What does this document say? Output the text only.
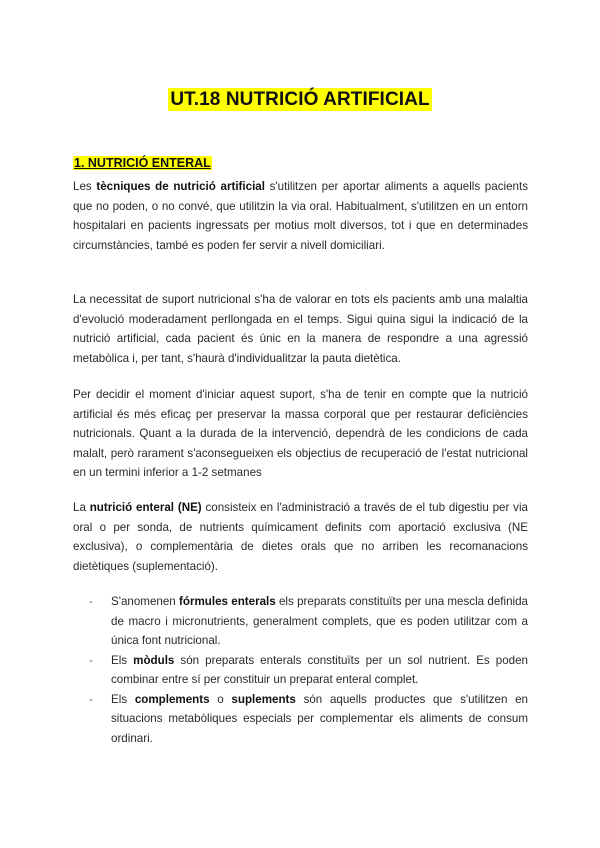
UT.18 NUTRICIÓ ARTIFICIAL
1. NUTRICIÓ ENTERAL

Les tècniques de nutrició artificial s'utilitzen per aportar aliments a aquells pacients que no poden, o no convé, que utilitzin la via oral. Habitualment, s'utilitzen en un entorn hospitalari en pacients ingressats per motius molt diversos, tot i que en determinades circumstàncies, també es poden fer servir a nivell domiciliari.

La necessitat de suport nutricional s'ha de valorar en tots els pacients amb una malaltia d'evolució moderadament perllongada en el temps. Sigui quina sigui la indicació de la nutrició artificial, cada pacient és únic en la manera de respondre a una agressió metabòlica i, per tant, s'haurà d'individualitzar la pauta dietètica.

Per decidir el moment d'iniciar aquest suport, s'ha de tenir en compte que la nutrició artificial és més eficaç per preservar la massa corporal que per restaurar deficiències nutricionals. Quant a la durada de la intervenció, dependrà de les condicions de cada malalt, però rarament s'aconsegueixen els objectius de recuperació de l'estat nutricional en un termini inferior a 1-2 setmanes

La nutrició enteral (NE) consisteix en l'administració a través de el tub digestiu per via oral o per sonda, de nutrients químicament definits com aportació exclusiva (NE exclusiva), o complementària de dietes orals que no arriben les recomanacions dietètiques (suplementació).

- S'anomenen fórmules enterals els preparats constituïts per una mescla definida de macro i micronutrients, generalment complets, que es poden utilitzar com a única font nutricional.
- Els mòduls són preparats enterals constituïts per un sol nutrient. Es poden combinar entre sí per constituir un preparat enteral complet.
- Els complements o suplements són aquells productes que s'utilitzen en situacions metabòliques especials per complementar els aliments de consum ordinari.
